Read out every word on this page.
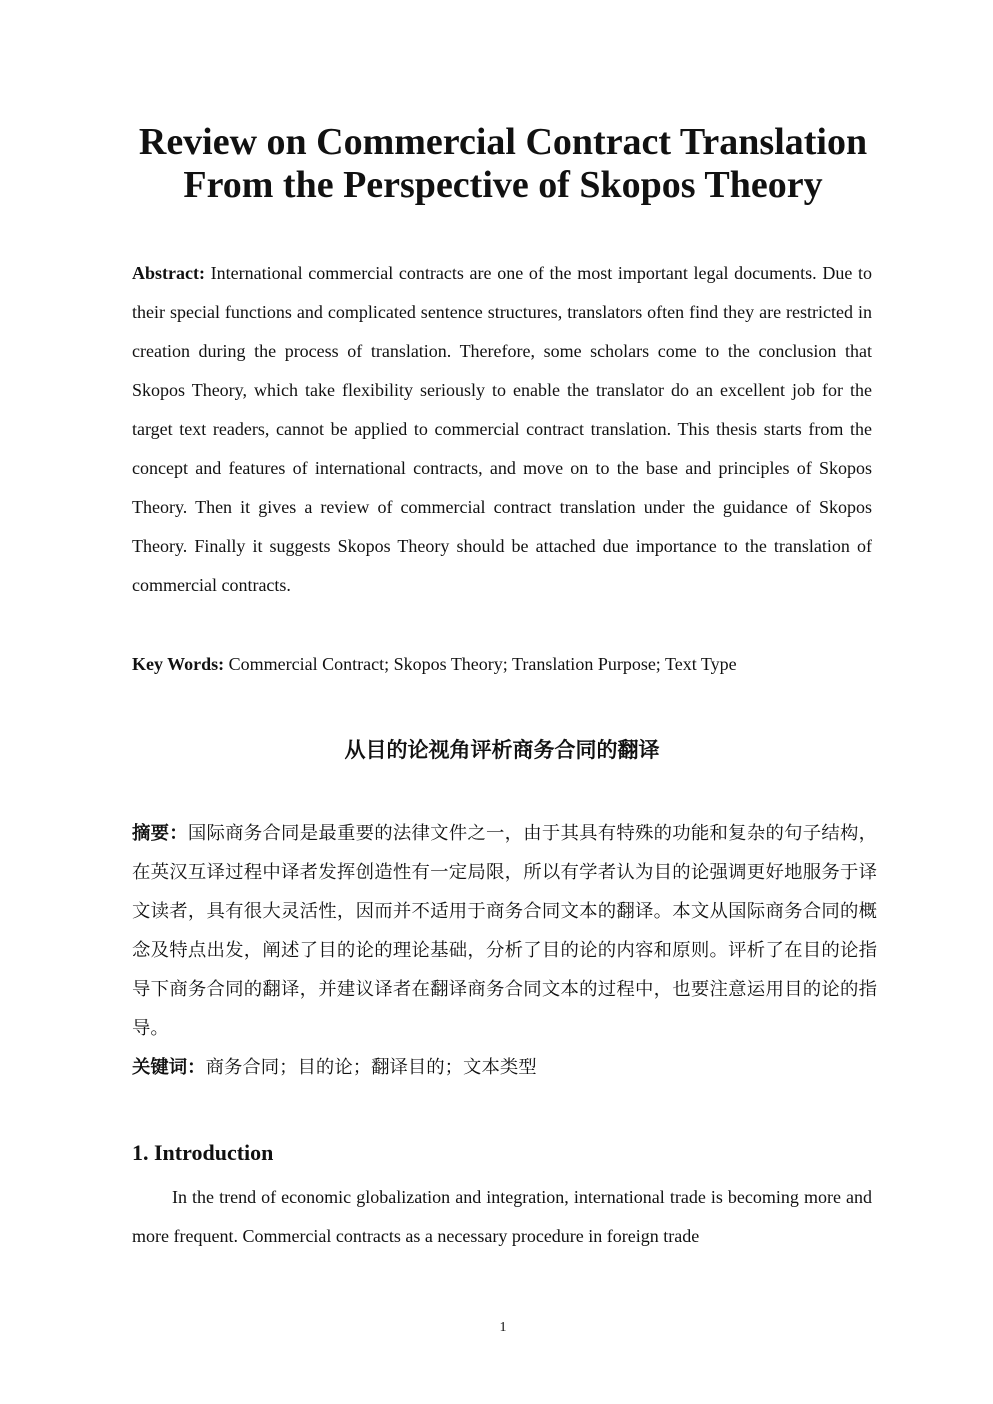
Review on Commercial Contract Translation
From the Perspective of Skopos Theory

Abstract: International commercial contracts are one of the most important legal documents. Due to their special functions and complicated sentence structures, translators often find they are restricted in creation during the process of translation. Therefore, some scholars come to the conclusion that Skopos Theory, which take flexibility seriously to enable the translator do an excellent job for the target text readers, cannot be applied to commercial contract translation. This thesis starts from the concept and features of international contracts, and move on to the base and principles of Skopos Theory. Then it gives a review of commercial contract translation under the guidance of Skopos Theory. Finally it suggests Skopos Theory should be attached due importance to the translation of commercial contracts.

Key Words: Commercial Contract; Skopos Theory; Translation Purpose; Text Type

从目的论视角评析商务合同的翻译

摘要：国际商务合同是最重要的法律文件之一，由于其具有特殊的功能和复杂的句子结构，在英汉互译过程中译者发挥创造性有一定局限，所以有学者认为目的论强调更好地服务于译文读者，具有很大灵活性，因而并不适用于商务合同文本的翻译。本文从国际商务合同的概念及特点出发，阐述了目的论的理论基础，分析了目的论的内容和原则。评析了在目的论指导下商务合同的翻译，并建议译者在翻译商务合同文本的过程中，也要注意运用目的论的指导。

关键词：商务合同；目的论；翻译目的；文本类型

1. Introduction

In the trend of economic globalization and integration, international trade is becoming more and more frequent. Commercial contracts as a necessary procedure in foreign trade

1
